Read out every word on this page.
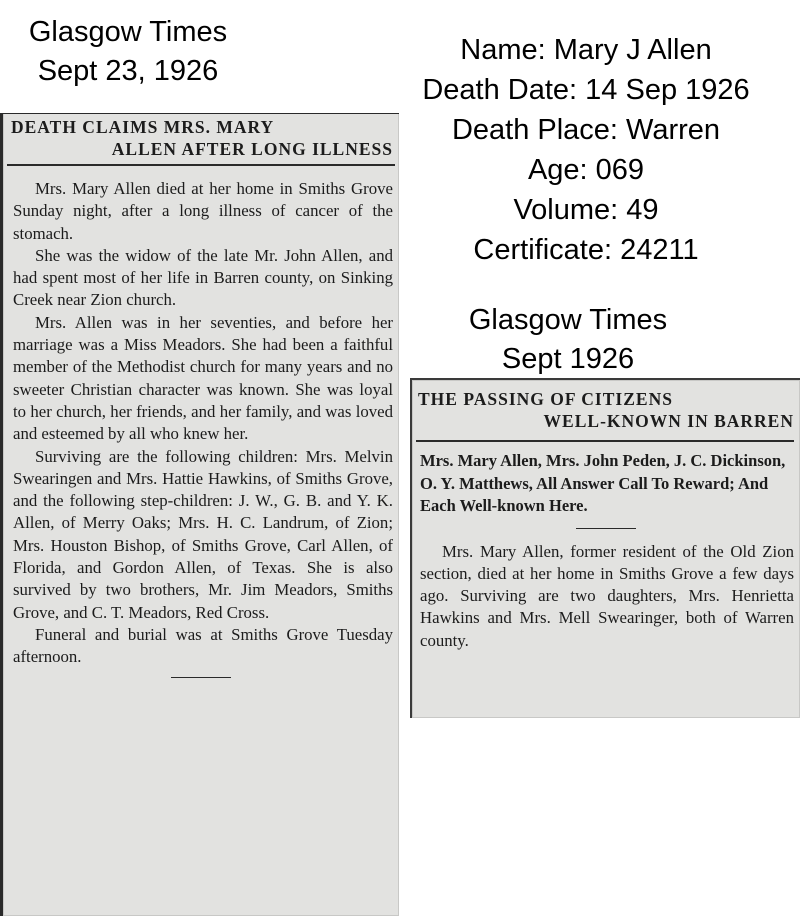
Glasgow Times
Sept 23, 1926
Name: Mary J Allen
Death Date: 14 Sep 1926
Death Place: Warren
Age: 069
Volume: 49
Certificate: 24211
Glasgow Times
Sept 1926
DEATH CLAIMS MRS. MARY
ALLEN AFTER LONG ILLNESS

Mrs. Mary Allen died at her home in Smiths Grove Sunday night, after a long illness of cancer of the stomach.

She was the widow of the late Mr. John Allen, and had spent most of her life in Barren county, on Sinking Creek near Zion church.

Mrs. Allen was in her seventies, and before her marriage was a Miss Meadors. She had been a faithful member of the Methodist church for many years and no sweeter Christian character was known. She was loyal to her church, her friends, and her family, and was loved and esteemed by all who knew her.

Surviving are the following children: Mrs. Melvin Swearingen and Mrs. Hattie Hawkins, of Smiths Grove, and the following step-children: J. W., G. B. and Y. K. Allen, of Merry Oaks; Mrs. H. C. Landrum, of Zion; Mrs. Houston Bishop, of Smiths Grove, Carl Allen, of Florida, and Gordon Allen, of Texas. She is also survived by two brothers, Mr. Jim Meadors, Smiths Grove, and C. T. Meadors, Red Cross.

Funeral and burial was at Smiths Grove Tuesday afternoon.

THE PASSING OF CITIZENS
WELL-KNOWN IN BARREN
Mrs. Mary Allen, Mrs. John Peden, J. C. Dickinson, O. Y. Matthews, All Answer Call To Reward; And Each Well-known Here.

Mrs. Mary Allen, former resident of the Old Zion section, died at her home in Smiths Grove a few days ago. Surviving are two daughters, Mrs. Henrietta Hawkins and Mrs. Mell Swearinger, both of Warren county.
